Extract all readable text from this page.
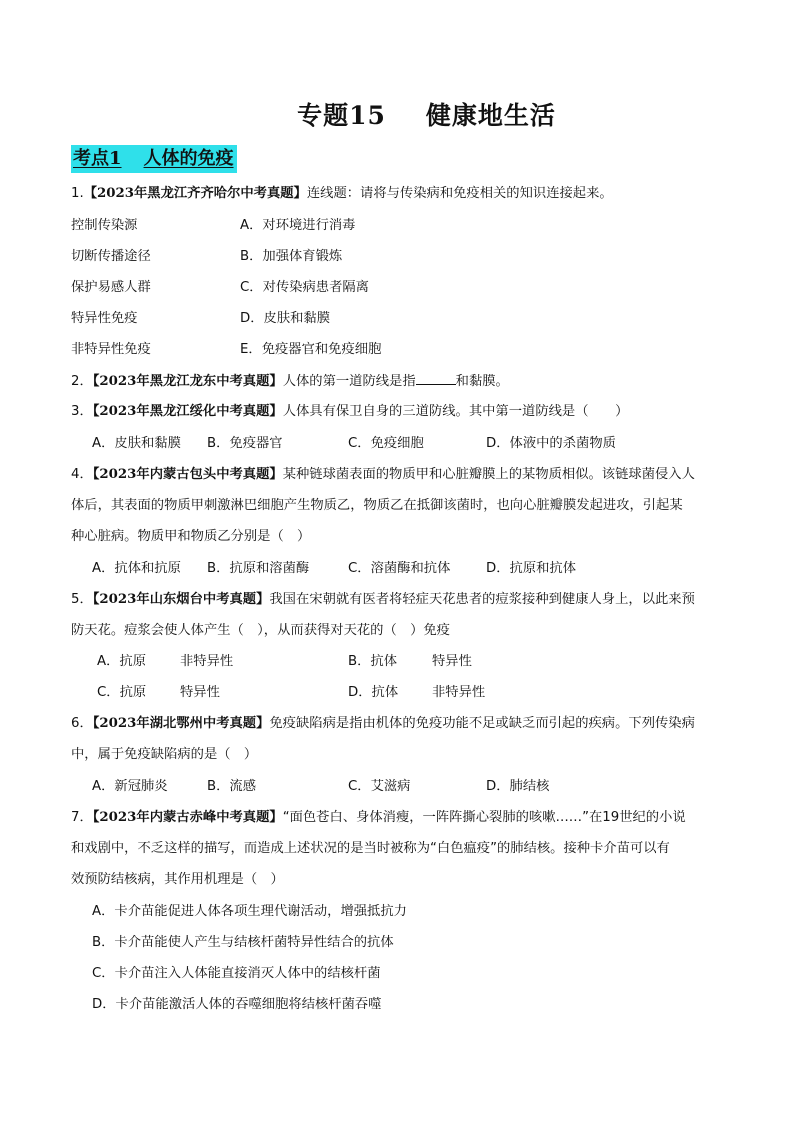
专题15 健康地生活
考点1 人体的免疫
1.【2023年黑龙江齐齐哈尔中考真题】连线题：请将与传染病和免疫相关的知识连接起来。
控制传染源	A．对环境进行消毒
切断传播途径	B．加强体育锻炼
保护易感人群	C．对传染病患者隔离
特异性免疫	D．皮肤和黏膜
非特异性免疫	E．免疫器官和免疫细胞
2．【2023年黑龙江龙东中考真题】人体的第一道防线是指	和黏膜。
3．【2023年黑龙江绥化中考真题】人体具有保卫自身的三道防线。其中第一道防线是（　　）
A．皮肤和黏膜 B．免疫器官	C．免疫细胞	D．体液中的杀菌物质
4．【2023年内蒙古包头中考真题】某种链球菌表面的物质甲和心脏瓣膜上的某物质相似。该链球菌侵入人
体后，其表面的物质甲刺激淋巴细胞产生物质乙，物质乙在抵御该菌时，也向心脏瓣膜发起进攻，引起某
种心脏病。物质甲和物质乙分别是（　）
A．抗体和抗原 B．抗原和溶菌酶	C．溶菌酶和抗体	D．抗原和抗体
5．【2023年山东烟台中考真题】我国在宋朝就有医者将轻症天花患者的痘浆接种到健康人身上，以此来预
防天花。痘浆会使人体产生（　），从而获得对天花的（　）免疫
A．抗原	非特异性	B．抗体	特异性
C．抗原	特异性	D．抗体	非特异性
6．【2023年湖北鄂州中考真题】免疫缺陷病是指由机体的免疫功能不足或缺乏而引起的疾病。下列传染病
中，属于免疫缺陷病的是（　）
A．新冠肺炎	B．流感	C．艾滋病	D．肺结核
7．【2023年内蒙古赤峰中考真题】“面色苍白、身体消瘦，一阵阵撕心裂肺的咳嗽……”在19世纪的小说
和戏剧中，不乏这样的描写，而造成上述状况的是当时被称为“白色瘟疫”的肺结核。接种卡介苗可以有
效预防结核病，其作用机理是（　）
A．卡介苗能促进人体各项生理代谢活动，增强抵抗力
B．卡介苗能使人产生与结核杆菌特异性结合的抗体
C．卡介苗注入人体能直接消灭人体中的结核杆菌
D．卡介苗能激活人体的吞噬细胞将结核杆菌吞噬
